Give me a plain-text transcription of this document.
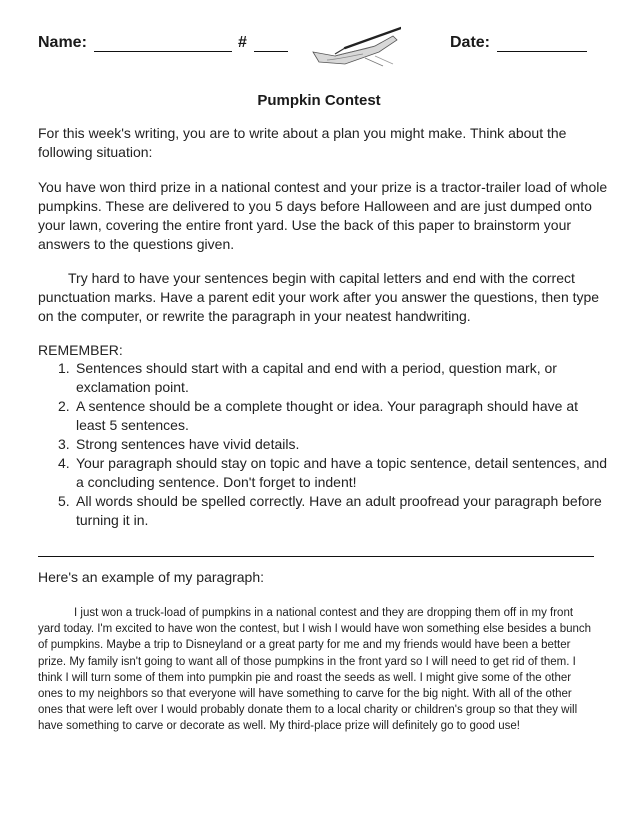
Name:	#	Date:
Pumpkin Contest
For this week's writing, you are to write about a plan you might make. Think about the following situation:
You have won third prize in a national contest and your prize is a tractor-trailer load of whole pumpkins. These are delivered to you 5 days before Halloween and are just dumped onto your lawn, covering the entire front yard. Use the back of this paper to brainstorm your answers to the questions given.
Try hard to have your sentences begin with capital letters and end with the correct punctuation marks. Have a parent edit your work after you answer the questions, then type on the computer, or rewrite the paragraph in your neatest handwriting.
REMEMBER:
1. Sentences should start with a capital and end with a period, question mark, or exclamation point.
2. A sentence should be a complete thought or idea. Your paragraph should have at least 5 sentences.
3. Strong sentences have vivid details.
4. Your paragraph should stay on topic and have a topic sentence, detail sentences, and a concluding sentence. Don't forget to indent!
5. All words should be spelled correctly. Have an adult proofread your paragraph before turning it in.
Here's an example of my paragraph:

I just won a truck-load of pumpkins in a national contest and they are dropping them off in my front yard today. I'm excited to have won the contest, but I wish I would have won something else besides a bunch of pumpkins. Maybe a trip to Disneyland or a great party for me and my friends would have been a better prize. My family isn't going to want all of those pumpkins in the front yard so I will need to get rid of them. I think I will turn some of them into pumpkin pie and roast the seeds as well. I might give some of the other ones to my neighbors so that everyone will have something to carve for the big night. With all of the other ones that were left over I would probably donate them to a local charity or children's group so that they will have something to carve or decorate as well. My third-place prize will definitely go to good use!
